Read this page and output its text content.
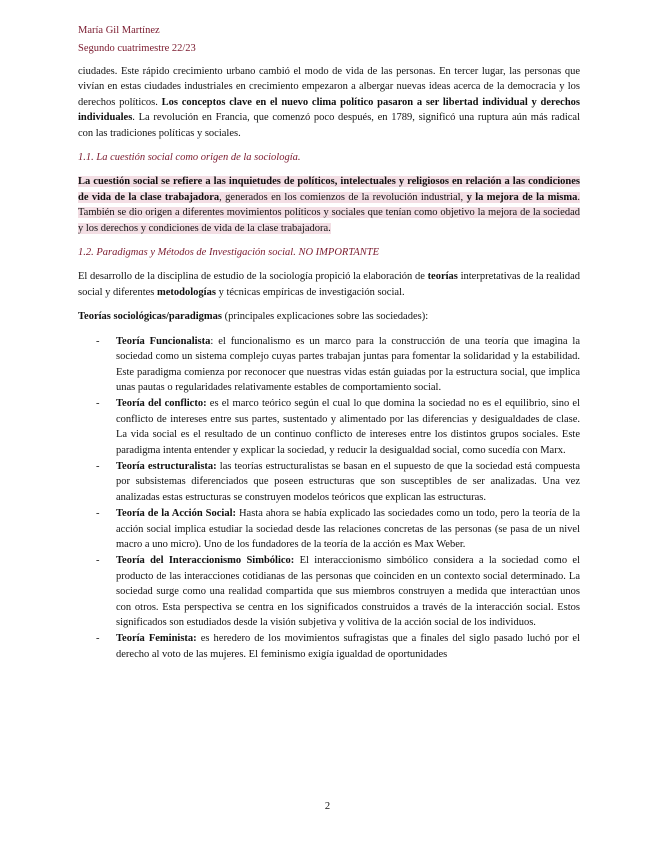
María Gil Martínez
Segundo cuatrimestre 22/23

ciudades. Este rápido crecimiento urbano cambió el modo de vida de las personas. En tercer lugar, las personas que vivían en estas ciudades industriales en crecimiento empezaron a albergar nuevas ideas acerca de la democracia y los derechos políticos. Los conceptos clave en el nuevo clima político pasaron a ser libertad individual y derechos individuales. La revolución en Francia, que comenzó poco después, en 1789, significó una ruptura aún más radical con las tradiciones políticas y sociales.

1.1. La cuestión social como origen de la sociología.

La cuestión social se refiere a las inquietudes de políticos, intelectuales y religiosos en relación a las condiciones de vida de la clase trabajadora, generados en los comienzos de la revolución industrial, y la mejora de la misma. También se dio origen a diferentes movimientos políticos y sociales que tenían como objetivo la mejora de la sociedad y los derechos y condiciones de vida de la clase trabajadora.

1.2. Paradigmas y Métodos de Investigación social. NO IMPORTANTE

El desarrollo de la disciplina de estudio de la sociología propició la elaboración de teorías interpretativas de la realidad social y diferentes metodologías y técnicas empíricas de investigación social.

Teorías sociológicas/paradigmas (principales explicaciones sobre las sociedades):

- Teoría Funcionalista: el funcionalismo es un marco para la construcción de una teoría que imagina la sociedad como un sistema complejo cuyas partes trabajan juntas para fomentar la solidaridad y la estabilidad. Este paradigma comienza por reconocer que nuestras vidas están guiadas por la estructura social, que implica unas pautas o regularidades relativamente estables de comportamiento social.
- Teoría del conflicto: es el marco teórico según el cual lo que domina la sociedad no es el equilibrio, sino el conflicto de intereses entre sus partes, sustentado y alimentado por las diferencias y desigualdades de clase. La vida social es el resultado de un continuo conflicto de intereses entre los distintos grupos sociales. Este paradigma intenta entender y explicar la sociedad, y reducir la desigualdad social, como sucedía con Marx.
- Teoría estructuralista: las teorías estructuralistas se basan en el supuesto de que la sociedad está compuesta por subsistemas diferenciados que poseen estructuras que son susceptibles de ser analizadas. Una vez analizadas estas estructuras se construyen modelos teóricos que explican las estructuras.
- Teoría de la Acción Social: Hasta ahora se había explicado las sociedades como un todo, pero la teoría de la acción social implica estudiar la sociedad desde las relaciones concretas de las personas (se pasa de un nivel macro a uno micro). Uno de los fundadores de la teoría de la acción es Max Weber.
- Teoría del Interaccionismo Simbólico: El interaccionismo simbólico considera a la sociedad como el producto de las interacciones cotidianas de las personas que coinciden en un contexto social determinado. La sociedad surge como una realidad compartida que sus miembros construyen a medida que interactúan unos con otros. Esta perspectiva se centra en los significados construidos a través de la interacción social. Estos significados son estudiados desde la visión subjetiva y volitiva de la acción social de los individuos.
- Teoría Feminista: es heredero de los movimientos sufragistas que a finales del siglo pasado luchó por el derecho al voto de las mujeres. El feminismo exigía igualdad de oportunidades
2
